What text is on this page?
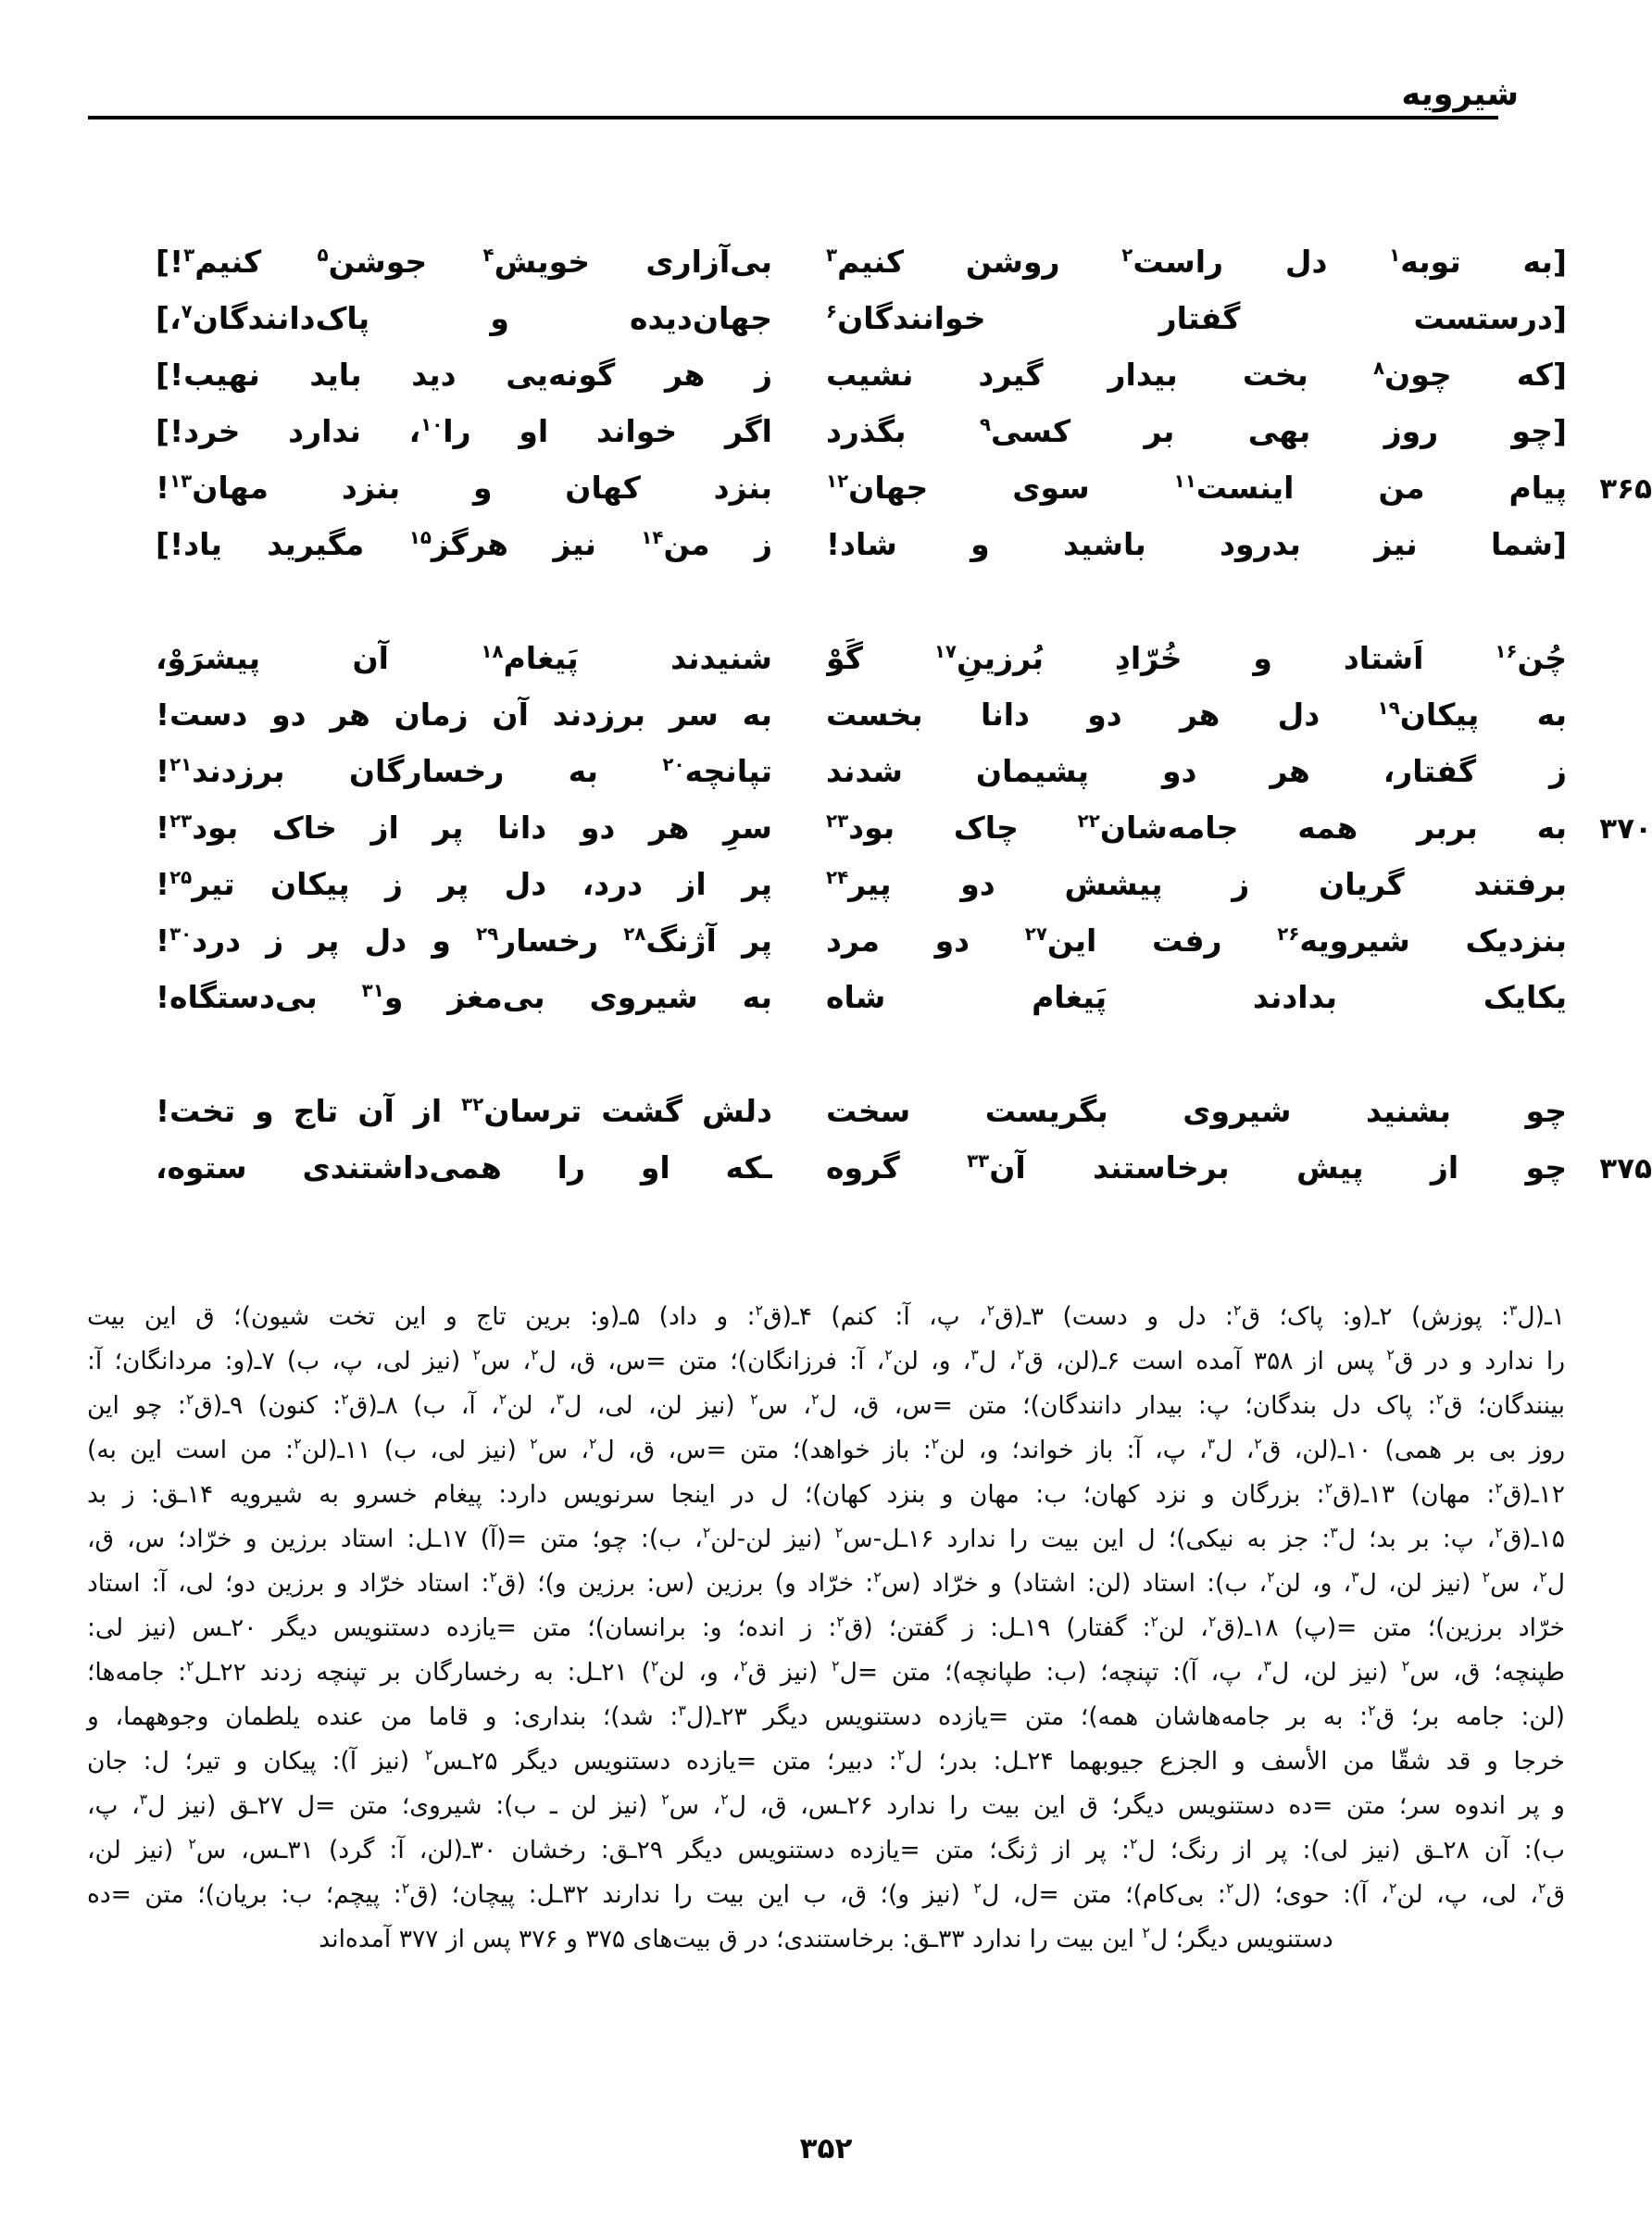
شیرویه
[به توبه$^۱$ دل راست$^۲$ روشن کنیم$^۳$
بی‌آزاری خویش$^۴$ جوشن$^۵$ کنیم$^۳$!]
[درستست گفتار خوانندگان$^۶$
جهان‌دیده و پاک‌دانندگان$^۷$،]
[که چون$^۸$ بخت بیدار گیرد نشیب
ز هر گونه‌یی دید باید نهیب!]
[چو روز بهی بر کسی$^۹$ بگذرد
اگر خواند او را$^{۱۰}$، ندارد خرد!]
۳۶۵
پیام من اینست$^{۱۱}$ سوی جهان$^{۱۲}$
بنزد کهان و بنزد مهان$^{۱۳}$!
[شما نیز بدرود باشید و شاد!
ز من$^{۱۴}$ نیز هرگز$^{۱۵}$ مگیرید یاد!]
چُن$^{۱۶}$ اَشتاد و خُرّادِ بُرزینِ$^{۱۷}$ گَوْ
شنیدند پَیغام$^{۱۸}$ آن پیشرَوْ،
به پیکان$^{۱۹}$ دل هر دو دانا بخست
به سر برزدند آن زمان هر دو دست!
ز گفتار، هر دو پشیمان شدند
تپانچه$^{۲۰}$ به رخسارگان برزدند$^{۲۱}$!
۳۷۰
به بربر همه جامه‌شان$^{۲۲}$ چاک بود$^{۲۳}$
سرِ هر دو دانا پر از خاک بود$^{۲۳}$!
برفتند گریان ز پیشش دو پیر$^{۲۴}$
پر از درد، دل پر ز پیکان تیر$^{۲۵}$!
بنزدیک شیرویه$^{۲۶}$ رفت این$^{۲۷}$ دو مرد
پر آژنگ$^{۲۸}$ رخسار$^{۲۹}$ و دل پر ز درد$^{۳۰}$!
یکایک بدادند پَیغام شاه
به شیروی بی‌مغز و$^{۳۱}$ بی‌دستگاه!
چو بشنید شیروی بگریست سخت
دلش گشت ترسان$^{۳۲}$ از آن تاج و تخت!
۳۷۵
چو از پیش برخاستند آن$^{۳۳}$ گروه
ـکه او را همی‌داشتندی ستوه،
۱ـ(ل$^۳$: پوزش) ۲ـ(و: پاک؛ ق$^۲$: دل و دست) ۳ـ(ق$^۲$، پ، آ: کنم) ۴ـ(ق$^۲$: و داد) ۵ـ(و: برین تاج و این تخت شیون)؛ ق این بیت
را ندارد و در ق$^۲$ پس از ۳۵۸ آمده است ۶ـ(لن، ق$^۲$، ل$^۳$، و، لن$^۲$، آ: فرزانگان)؛ متن =س، ق، ل$^۲$، س$^۲$ (نیز لی، پ، ب) ۷ـ(و: مردانگان؛ آ:
بینندگان؛ ق$^۲$: پاک دل بندگان؛ پ: بیدار دانندگان)؛ متن =س، ق، ل$^۲$، س$^۲$ (نیز لن، لی، ل$^۳$، لن$^۲$، آ، ب) ۸ـ(ق$^۲$: کنون) ۹ـ(ق$^۲$: چو این
روز بی بر همی) ۱۰ـ(لن، ق$^۲$، ل$^۳$، پ، آ: باز خواند؛ و، لن$^۲$: باز خواهد)؛ متن =س، ق، ل$^۲$، س$^۲$ (نیز لی، ب) ۱۱ـ(لن$^۲$: من است این به)
۱۲ـ(ق$^۲$: مهان) ۱۳ـ(ق$^۲$: بزرگان و نزد کهان؛ ب: مهان و بنزد کهان)؛ ل در اینجا سرنویس دارد: پیغام خسرو به شیرویه ۱۴ـق: ز بد
۱۵ـ(ق$^۲$، پ: بر بد؛ ل$^۳$: جز به نیکی)؛ ل این بیت را ندارد ۱۶ـل-س$^۲$ (نیز لن-لن$^۲$، ب): چو؛ متن =(آ) ۱۷ـل: استاد برزین و خرّاد؛ س، ق،
ل$^۲$، س$^۲$ (نیز لن، ل$^۳$، و، لن$^۲$، ب): استاد (لن: اشتاد) و خرّاد (س$^۲$: خرّاد و) برزین (س: برزین و)؛ (ق$^۲$: استاد خرّاد و برزین دو؛ لی، آ: استاد
خرّاد برزین)؛ متن =(پ) ۱۸ـ(ق$^۲$، لن$^۲$: گفتار) ۱۹ـل: ز گفتن؛ (ق$^۲$: ز انده؛ و: برانسان)؛ متن =یازده دستنویس دیگر ۲۰ـس (نیز لی:
طپنچه؛ ق، س$^۲$ (نیز لن، ل$^۳$، پ، آ): تپنچه؛ (ب: طپانچه)؛ متن =ل$^۲$ (نیز ق$^۲$، و، لن$^۲$) ۲۱ـل: به رخسارگان بر تپنچه زدند ۲۲ـل$^۲$: جامه‌ها؛
(لن: جامه بر؛ ق$^۲$: به بر جامه‌هاشان همه)؛ متن =یازده دستنویس دیگر ۲۳ـ(ل$^۳$: شد)؛ بنداری: و قاما من عنده یلطمان وجوههما، و
خرجا و قد شقّا من الأسف و الجزع جیوبهما ۲۴ـل: بدر؛ ل$^۲$: دبیر؛ متن =یازده دستنویس دیگر ۲۵ـس$^۲$ (نیز آ): پیکان و تیر؛ ل: جان
و پر اندوه سر؛ متن =ده دستنویس دیگر؛ ق این بیت را ندارد ۲۶ـس، ق، ل$^۲$، س$^۲$ (نیز لن ـ ب): شیروی؛ متن =ل ۲۷ـق (نیز ل$^۳$، پ،
ب): آن ۲۸ـق (نیز لی): پر از رنگ؛ ل$^۲$: پر از ژنگ؛ متن =یازده دستنویس دیگر ۲۹ـق: رخشان ۳۰ـ(لن، آ: گرد) ۳۱ـس، س$^۲$ (نیز لن،
ق$^۲$، لی، پ، لن$^۲$، آ): حوی؛ (ل$^۲$: بی‌کام)؛ متن =ل، ل$^۲$ (نیز و)؛ ق، ب این بیت را ندارند ۳۲ـل: پیچان؛ (ق$^۲$: پیچم؛ ب: بریان)؛ متن =ده
دستنویس دیگر؛ ل$^۲$ این بیت را ندارد ۳۳ـق: برخاستندی؛ در ق بیت‌های ۳۷۵ و ۳۷۶ پس از ۳۷۷ آمده‌اند
۳۵۲
